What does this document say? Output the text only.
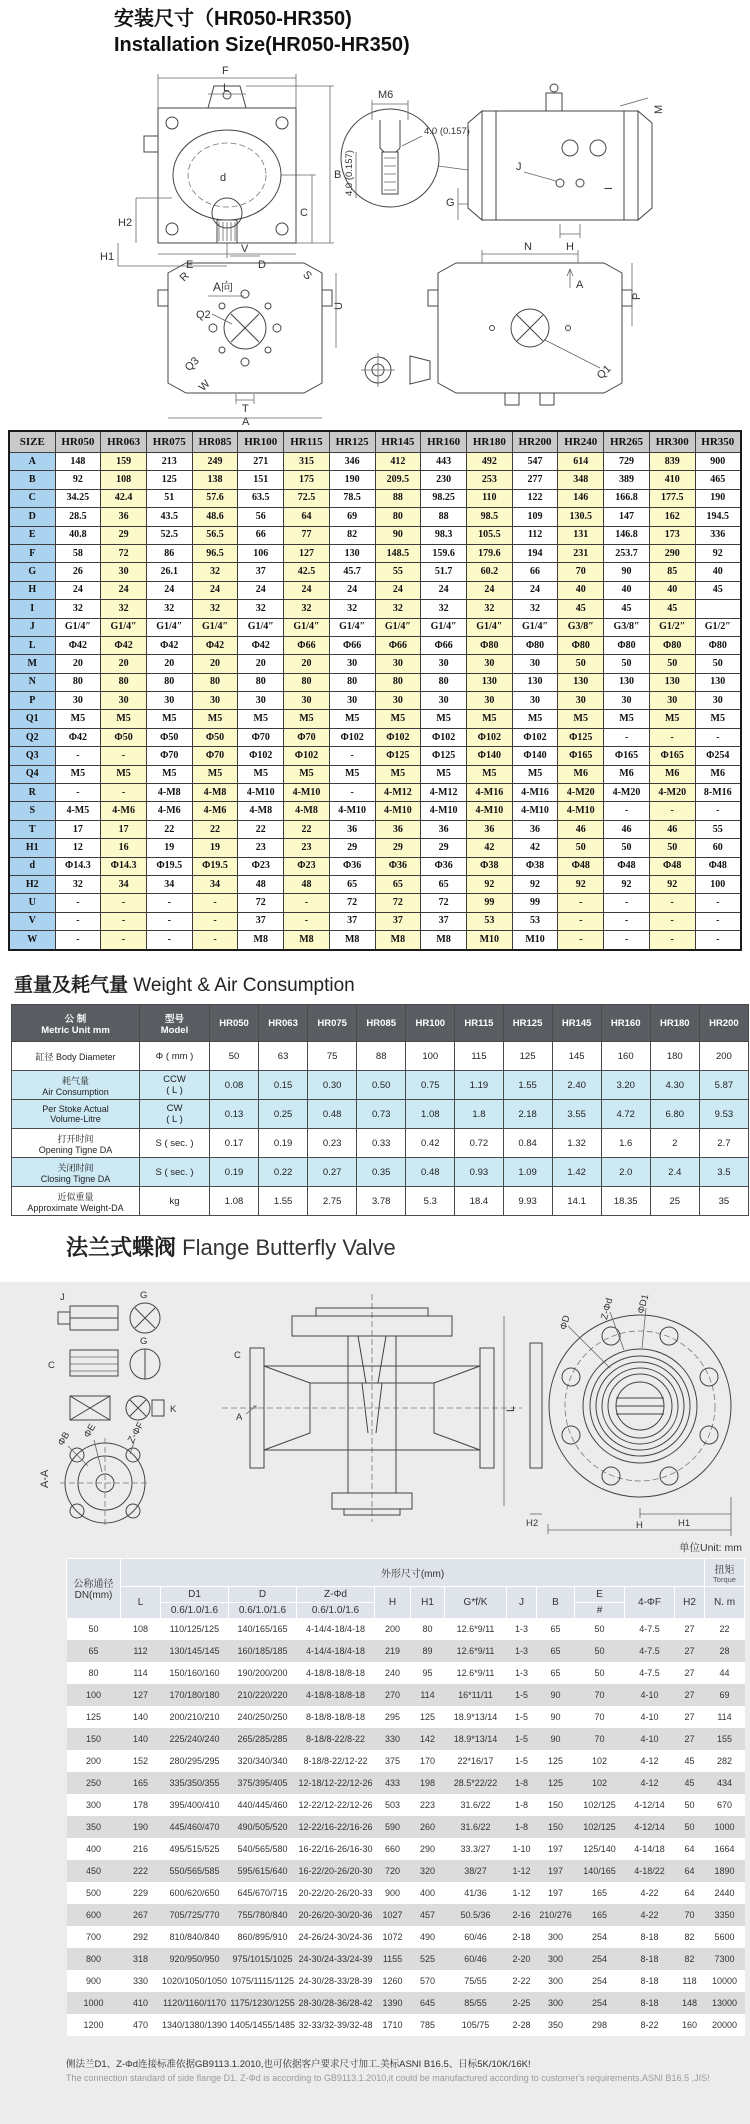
安装尺寸（HR050-HR350)
Installation Size(HR050-HR350)
F
L
B
C
d
H2
H1
E	D
A向
M6
4.0 (0.157)
4.0 (0.157)
M
G
J
I
H
A
R
V
S
Q2
Q3
W
T
A
U
N
P
Q1
SIZE	HR050	HR063	HR075	HR085	HR100	HR115	HR125	HR145	HR160	HR180	HR200	HR240	HR265	HR300	HR350
A	148	159	213	249	271	315	346	412	443	492	547	614	729	839	900
B	92	108	125	138	151	175	190	209.5	230	253	277	348	389	410	465
C	34.25	42.4	51	57.6	63.5	72.5	78.5	88	98.25	110	122	146	166.8	177.5	190
D	28.5	36	43.5	48.6	56	64	69	80	88	98.5	109	130.5	147	162	194.5
E	40.8	29	52.5	56.5	66	77	82	90	98.3	105.5	112	131	146.8	173	336
F	58	72	86	96.5	106	127	130	148.5	159.6	179.6	194	231	253.7	290	92
G	26	30	26.1	32	37	42.5	45.7	55	51.7	60.2	66	70	90	85	40
H	24	24	24	24	24	24	24	24	24	24	24	40	40	40	45
I	32	32	32	32	32	32	32	32	32	32	32	45	45	45	
J	G1/4″	G1/4″	G1/4″	G1/4″	G1/4″	G1/4″	G1/4″	G1/4″	G1/4″	G1/4″	G1/4″	G3/8″	G3/8″	G1/2″	G1/2″
L	Φ42	Φ42	Φ42	Φ42	Φ42	Φ66	Φ66	Φ66	Φ66	Φ80	Φ80	Φ80	Φ80	Φ80	Φ80
M	20	20	20	20	20	20	30	30	30	30	30	50	50	50	50
N	80	80	80	80	80	80	80	80	80	130	130	130	130	130	130
P	30	30	30	30	30	30	30	30	30	30	30	30	30	30	30
Q1	M5	M5	M5	M5	M5	M5	M5	M5	M5	M5	M5	M5	M5	M5	M5
Q2	Φ42	Φ50	Φ50	Φ50	Φ70	Φ70	Φ102	Φ102	Φ102	Φ102	Φ102	Φ125	-	-	-
Q3	-	-	Φ70	Φ70	Φ102	Φ102	-	Φ125	Φ125	Φ140	Φ140	Φ165	Φ165	Φ165	Φ254
Q4	M5	M5	M5	M5	M5	M5	M5	M5	M5	M5	M5	M6	M6	M6	M6
R	-	-	4-M8	4-M8	4-M10	4-M10	-	4-M12	4-M12	4-M16	4-M16	4-M20	4-M20	4-M20	8-M16
S	4-M5	4-M6	4-M6	4-M6	4-M8	4-M8	4-M10	4-M10	4-M10	4-M10	4-M10	4-M10	-	-	-
T	17	17	22	22	22	22	36	36	36	36	36	46	46	46	55
H1	12	16	19	19	23	23	29	29	29	42	42	50	50	50	60
d	Φ14.3	Φ14.3	Φ19.5	Φ19.5	Φ23	Φ23	Φ36	Φ36	Φ36	Φ38	Φ38	Φ48	Φ48	Φ48	Φ48
H2	32	34	34	34	48	48	65	65	65	92	92	92	92	92	100
U	-	-	-	-	72	-	72	72	72	99	99	-	-	-	-
V	-	-	-	-	37	-	37	37	37	53	53	-	-	-	-
W	-	-	-	-	M8	M8	M8	M8	M8	M10	M10	-	-	-	-
重量及耗气量 Weight & Air Consumption
公 制
Metric Unit mm

型号
Model
	HR050	HR063	HR075	HR085	HR100	HR115	HR125	HR145	HR160	HR180	HR200

缸径 Body Diameter	Φ ( mm )	50	63	75	88	100	115	125	145	160	180	200

耗气量
Air Consumption

CCW
( L )	0.08	0.15	0.30	0.50	0.75	1.19	1.55	2.40	3.20	4.30	5.87

Per Stoke Actual
Volume-Litre

CW
( L )	0.13	0.25	0.48	0.73	1.08	1.8	2.18	3.55	4.72	6.80	9.53

打开时间
Opening Tigne DA	S ( sec. )	0.17	0.19	0.23	0.33	0.42	0.72	0.84	1.32	1.6	2	2.7

关闭时间
Closing Tigne DA	S ( sec. )	0.19	0.22	0.27	0.35	0.48	0.93	1.09	1.42	2.0	2.4	3.5

近似重量
Approximate Weight-DA	kg	1.08	1.55	2.75	3.78	5.3	18.4	9.93	14.1	18.35	25	35
法兰式蝶阀 Flange Butterfly Valve
J	G
C
G
K
A-A
ΦB ΦE	Z-ΦF
C
A
L
ΦD
Z-Φd ΦD1
H1
H
H2
单位Unit: mm
公称通径
DN(mm)	外形尺寸(mm)												扭矩
Torque

	L	D1	D	Z-Φd	H	H1	G*f/K	J	B	E	4-ΦF	H2	N. m
		0.6/1.0/1.6	0.6/1.0/1.6	0.6/1.0/1.6						#			
50	108	110/125/125	140/165/165	4-14/4-18/4-18	200	80	12.6*9/11	1-3	65	50	4-7.5	27	22
65	112	130/145/145	160/185/185	4-14/4-18/4-18	219	89	12.6*9/11	1-3	65	50	4-7.5	27	28
80	114	150/160/160	190/200/200	4-18/8-18/8-18	240	95	12.6*9/11	1-3	65	50	4-7.5	27	44
100	127	170/180/180	210/220/220	4-18/8-18/8-18	270	114	16*11/11	1-5	90	70	4-10	27	69
125	140	200/210/210	240/250/250	8-18/8-18/8-18	295	125	18.9*13/14	1-5	90	70	4-10	27	114
150	140	225/240/240	265/285/285	8-18/8-22/8-22	330	142	18.9*13/14	1-5	90	70	4-10	27	155
200	152	280/295/295	320/340/340	8-18/8-22/12-22	375	170	22*16/17	1-5	125	102	4-12	45	282
250	165	335/350/355	375/395/405	12-18/12-22/12-26	433	198	28.5*22/22	1-8	125	102	4-12	45	434
300	178	395/400/410	440/445/460	12-22/12-22/12-26	503	223	31.6/22	1-8	150	102/125	4-12/14	50	670
350	190	445/460/470	490/505/520	12-22/16-22/16-26	590	260	31.6/22	1-8	150	102/125	4-12/14	50	1000
400	216	495/515/525	540/565/580	16-22/16-26/16-30	660	290	33.3/27	1-10	197	125/140	4-14/18	64	1664
450	222	550/565/585	595/615/640	16-22/20-26/20-30	720	320	38/27	1-12	197	140/165	4-18/22	64	1890
500	229	600/620/650	645/670/715	20-22/20-26/20-33	900	400	41/36	1-12	197	165	4-22	64	2440
600	267	705/725/770	755/780/840	20-26/20-30/20-36	1027	457	50.5/36	2-16	210/276	165	4-22	70	3350
700	292	810/840/840	860/895/910	24-26/24-30/24-36	1072	490	60/46	2-18	300	254	8-18	82	5600
800	318	920/950/950	975/1015/1025	24-30/24-33/24-39	1155	525	60/46	2-20	300	254	8-18	82	7300
900	330	1020/1050/1050	1075/1115/1125	24-30/28-33/28-39	1260	570	75/55	2-22	300	254	8-18	118	10000
1000	410	1120/1160/1170	1175/1230/1255	28-30/28-36/28-42	1390	645	85/55	2-25	300	254	8-18	148	13000
1200	470	1340/1380/1390	1405/1455/1485	32-33/32-39/32-48	1710	785	105/75	2-28	350	298	8-22	160	20000
侧法兰D1、Z-Φd连接标准依据GB9113.1.2010,也可依据客户要求尺寸加工.美标ASNI B16.5、日标5K/10K/16K!
The connection standard of side flange D1. Z-Φd is according to GB9113.1.2010,it could be manufactured according to customer's requirements.ASNI B16.5 ,JIS!
